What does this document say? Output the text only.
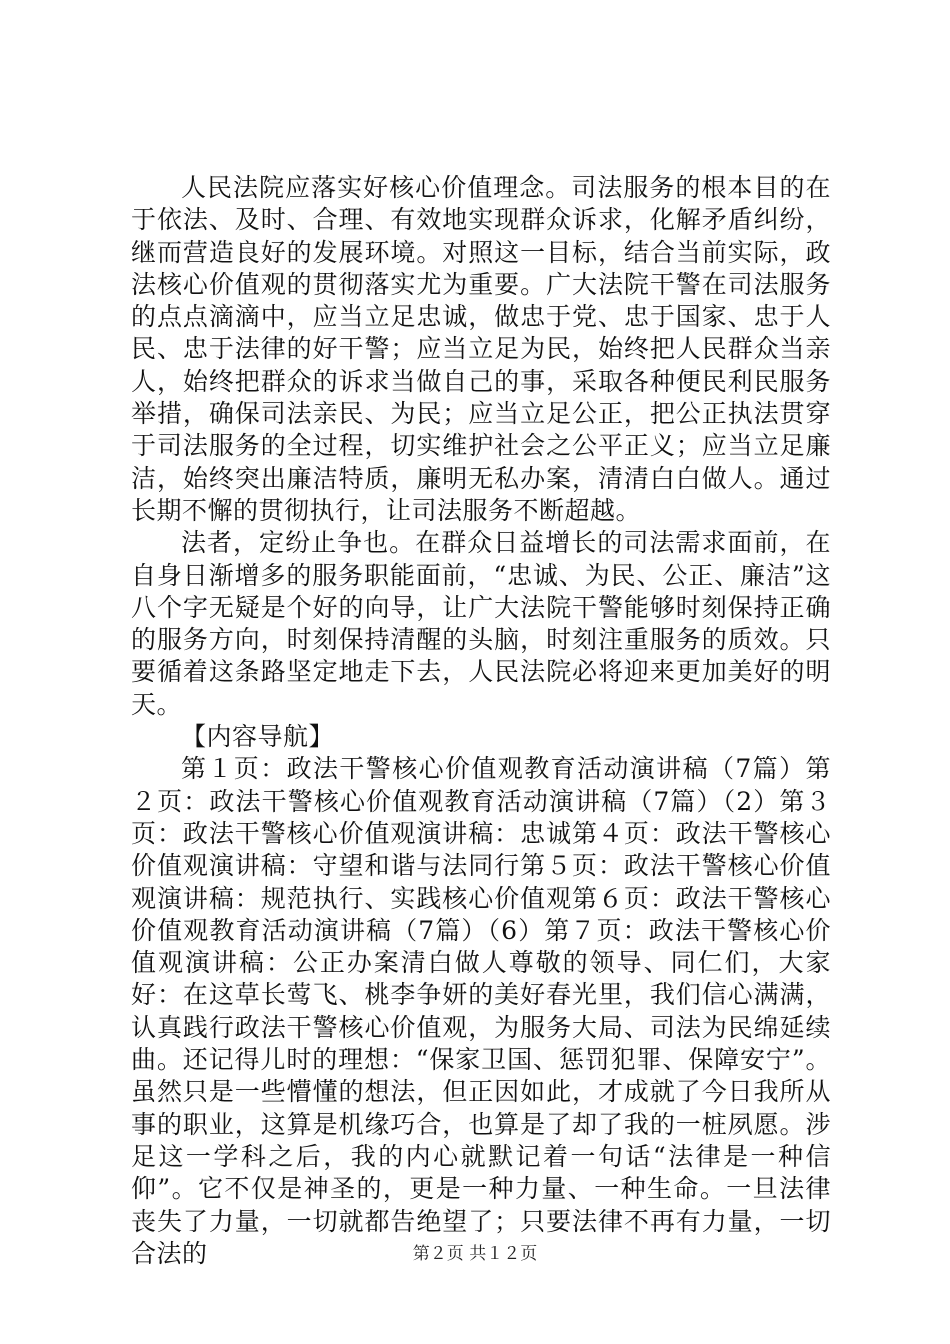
人民法院应落实好核心价值理念。司法服务的根本目的在于依法、及时、合理、有效地实现群众诉求，化解矛盾纠纷，继而营造良好的发展环境。对照这一目标，结合当前实际，政法核心价值观的贯彻落实尤为重要。广大法院干警在司法服务的点点滴滴中，应当立足忠诚，做忠于党、忠于国家、忠于人民、忠于法律的好干警；应当立足为民，始终把人民群众当亲人，始终把群众的诉求当做自己的事，采取各种便民利民服务举措，确保司法亲民、为民；应当立足公正，把公正执法贯穿于司法服务的全过程，切实维护社会之公平正义；应当立足廉洁，始终突出廉洁特质，廉明无私办案，清清白白做人。通过长期不懈的贯彻执行，让司法服务不断超越。

法者，定纷止争也。在群众日益增长的司法需求面前，在自身日渐增多的服务职能面前，“忠诚、为民、公正、廉洁”这八个字无疑是个好的向导，让广大法院干警能够时刻保持正确的服务方向，时刻保持清醒的头脑，时刻注重服务的质效。只要循着这条路坚定地走下去，人民法院必将迎来更加美好的明天。

【内容导航】

第１页：政法干警核心价值观教育活动演讲稿（7篇）第２页：政法干警核心价值观教育活动演讲稿（7篇）（2）第３页：政法干警核心价值观演讲稿：忠诚第４页：政法干警核心价值观演讲稿：守望和谐与法同行第５页：政法干警核心价值观演讲稿：规范执行、实践核心价值观第６页：政法干警核心价值观教育活动演讲稿（7篇）（6）第７页：政法干警核心价值观演讲稿：公正办案清白做人尊敬的领导、同仁们，大家好：在这草长莺飞、桃李争妍的美好春光里，我们信心满满，认真践行政法干警核心价值观，为服务大局、司法为民绵延续曲。还记得儿时的理想：“保家卫国、惩罚犯罪、保障安宁”。虽然只是一些懵懂的想法，但正因如此，才成就了今日我所从事的职业，这算是机缘巧合，也算是了却了我的一桩夙愿。涉足这一学科之后，我的内心就默记着一句话“法律是一种信仰”。它不仅是神圣的，更是一种力量、一种生命。一旦法律丧失了力量，一切就都告绝望了；只要法律不再有力量，一切合法的	第２页 共１２页
